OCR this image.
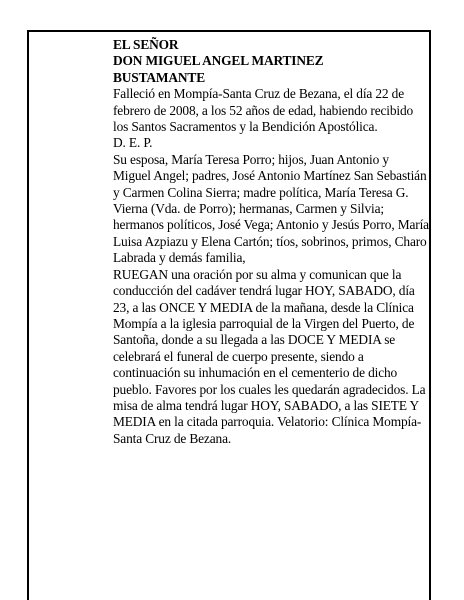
EL SEÑOR

DON MIGUEL ANGEL MARTINEZ

BUSTAMANTE

Falleció en Mompía-Santa Cruz de Bezana, el día 22 de febrero de 2008, a los 52 años de edad, habiendo recibido los Santos Sacramentos y la Bendición Apostólica.

D. E. P.

Su esposa, María Teresa Porro; hijos, Juan Antonio y Miguel Angel; padres, José Antonio Martínez San Sebastián y Carmen Colina Sierra; madre política, María Teresa G. Vierna (Vda. de Porro); hermanas, Carmen y Silvia; hermanos políticos, José Vega; Antonio y Jesús Porro, María Luisa Azpiazu y Elena Cartón; tíos, sobrinos, primos, Charo Labrada y demás familia,

RUEGAN una oración por su alma y comunican que la conducción del cadáver tendrá lugar HOY, SABADO, día 23, a las ONCE Y MEDIA de la mañana, desde la Clínica Mompía a la iglesia parroquial de la Virgen del Puerto, de Santoña, donde a su llegada a las DOCE Y MEDIA se celebrará el funeral de cuerpo presente, siendo a continuación su inhumación en el cementerio de dicho pueblo. Favores por los cuales les quedarán agradecidos. La misa de alma tendrá lugar HOY, SABADO, a las SIETE Y MEDIA en la citada parroquia. Velatorio: Clínica Mompía-Santa Cruz de Bezana.
